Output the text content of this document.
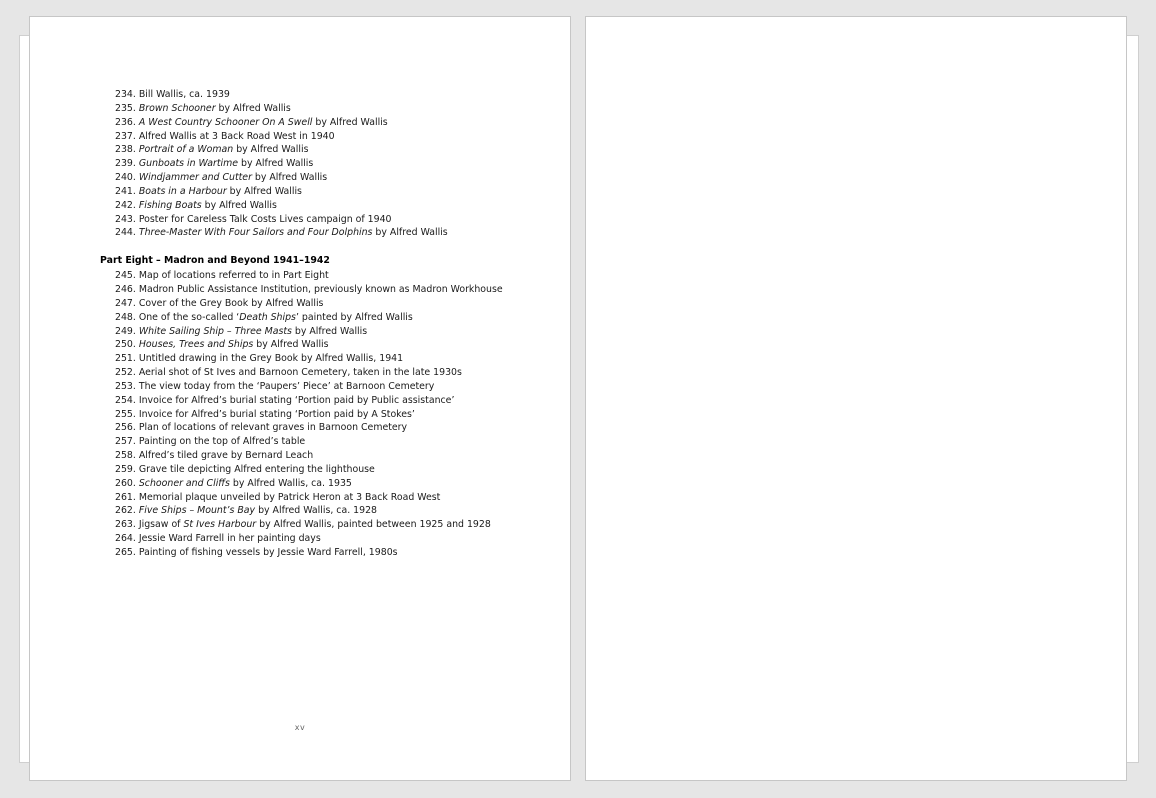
234. Bill Wallis, ca. 1939
235. Brown Schooner by Alfred Wallis
236. A West Country Schooner On A Swell by Alfred Wallis
237. Alfred Wallis at 3 Back Road West in 1940
238. Portrait of a Woman by Alfred Wallis
239. Gunboats in Wartime by Alfred Wallis
240. Windjammer and Cutter by Alfred Wallis
241. Boats in a Harbour by Alfred Wallis
242. Fishing Boats by Alfred Wallis
243. Poster for Careless Talk Costs Lives campaign of 1940
244. Three-Master With Four Sailors and Four Dolphins by Alfred Wallis
Part Eight – Madron and Beyond 1941–1942
245. Map of locations referred to in Part Eight
246. Madron Public Assistance Institution, previously known as Madron Workhouse
247. Cover of the Grey Book by Alfred Wallis
248. One of the so-called ‘Death Ships’ painted by Alfred Wallis
249. White Sailing Ship – Three Masts by Alfred Wallis
250. Houses, Trees and Ships by Alfred Wallis
251. Untitled drawing in the Grey Book by Alfred Wallis, 1941
252. Aerial shot of St Ives and Barnoon Cemetery, taken in the late 1930s
253. The view today from the ‘Paupers’ Piece’ at Barnoon Cemetery
254. Invoice for Alfred’s burial stating ‘Portion paid by Public assistance’
255. Invoice for Alfred’s burial stating ‘Portion paid by A Stokes’
256. Plan of locations of relevant graves in Barnoon Cemetery
257. Painting on the top of Alfred’s table
258. Alfred’s tiled grave by Bernard Leach
259. Grave tile depicting Alfred entering the lighthouse
260. Schooner and Cliffs by Alfred Wallis, ca. 1935
261. Memorial plaque unveiled by Patrick Heron at 3 Back Road West
262. Five Ships – Mount’s Bay by Alfred Wallis, ca. 1928
263. Jigsaw of St Ives Harbour by Alfred Wallis, painted between 1925 and 1928
264. Jessie Ward Farrell in her painting days
265. Painting of fishing vessels by Jessie Ward Farrell, 1980s
xv
